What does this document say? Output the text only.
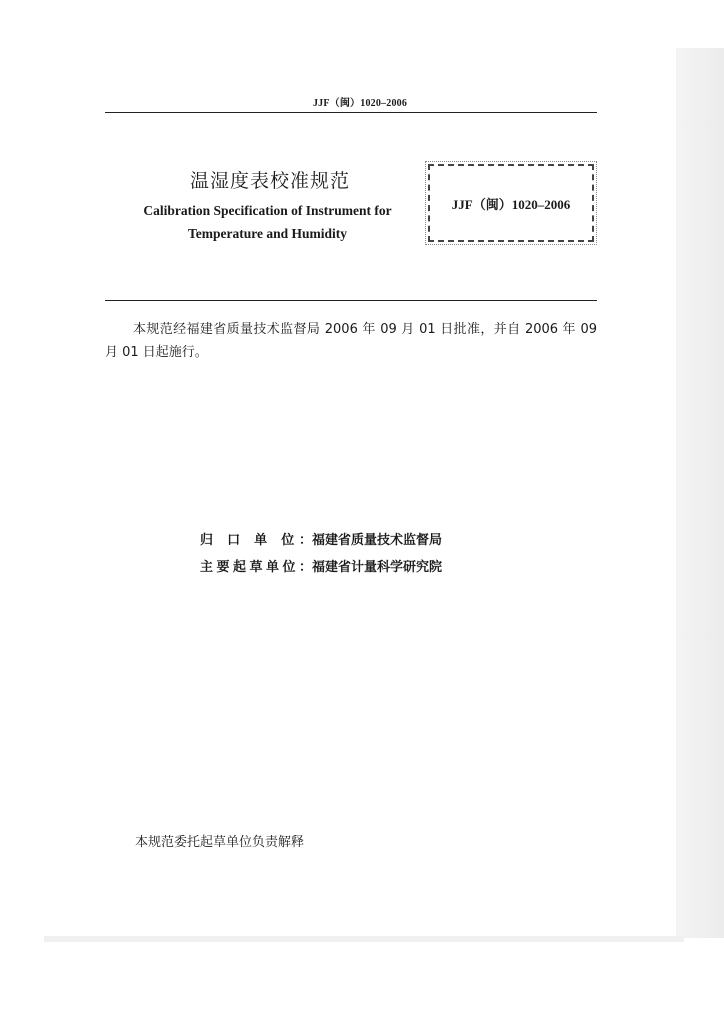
JJF（闽）1020–2006
温湿度表校准规范
Calibration Specification of Instrument for
Temperature and Humidity
JJF（闽）1020–2006
本规范经福建省质量技术监督局 2006 年 09 月 01 日批准，并自 2006 年 09 月 01 日起施行。
归 口 单 位：福建省质量技术监督局
主要起草单位：福建省计量科学研究院
本规范委托起草单位负责解释
